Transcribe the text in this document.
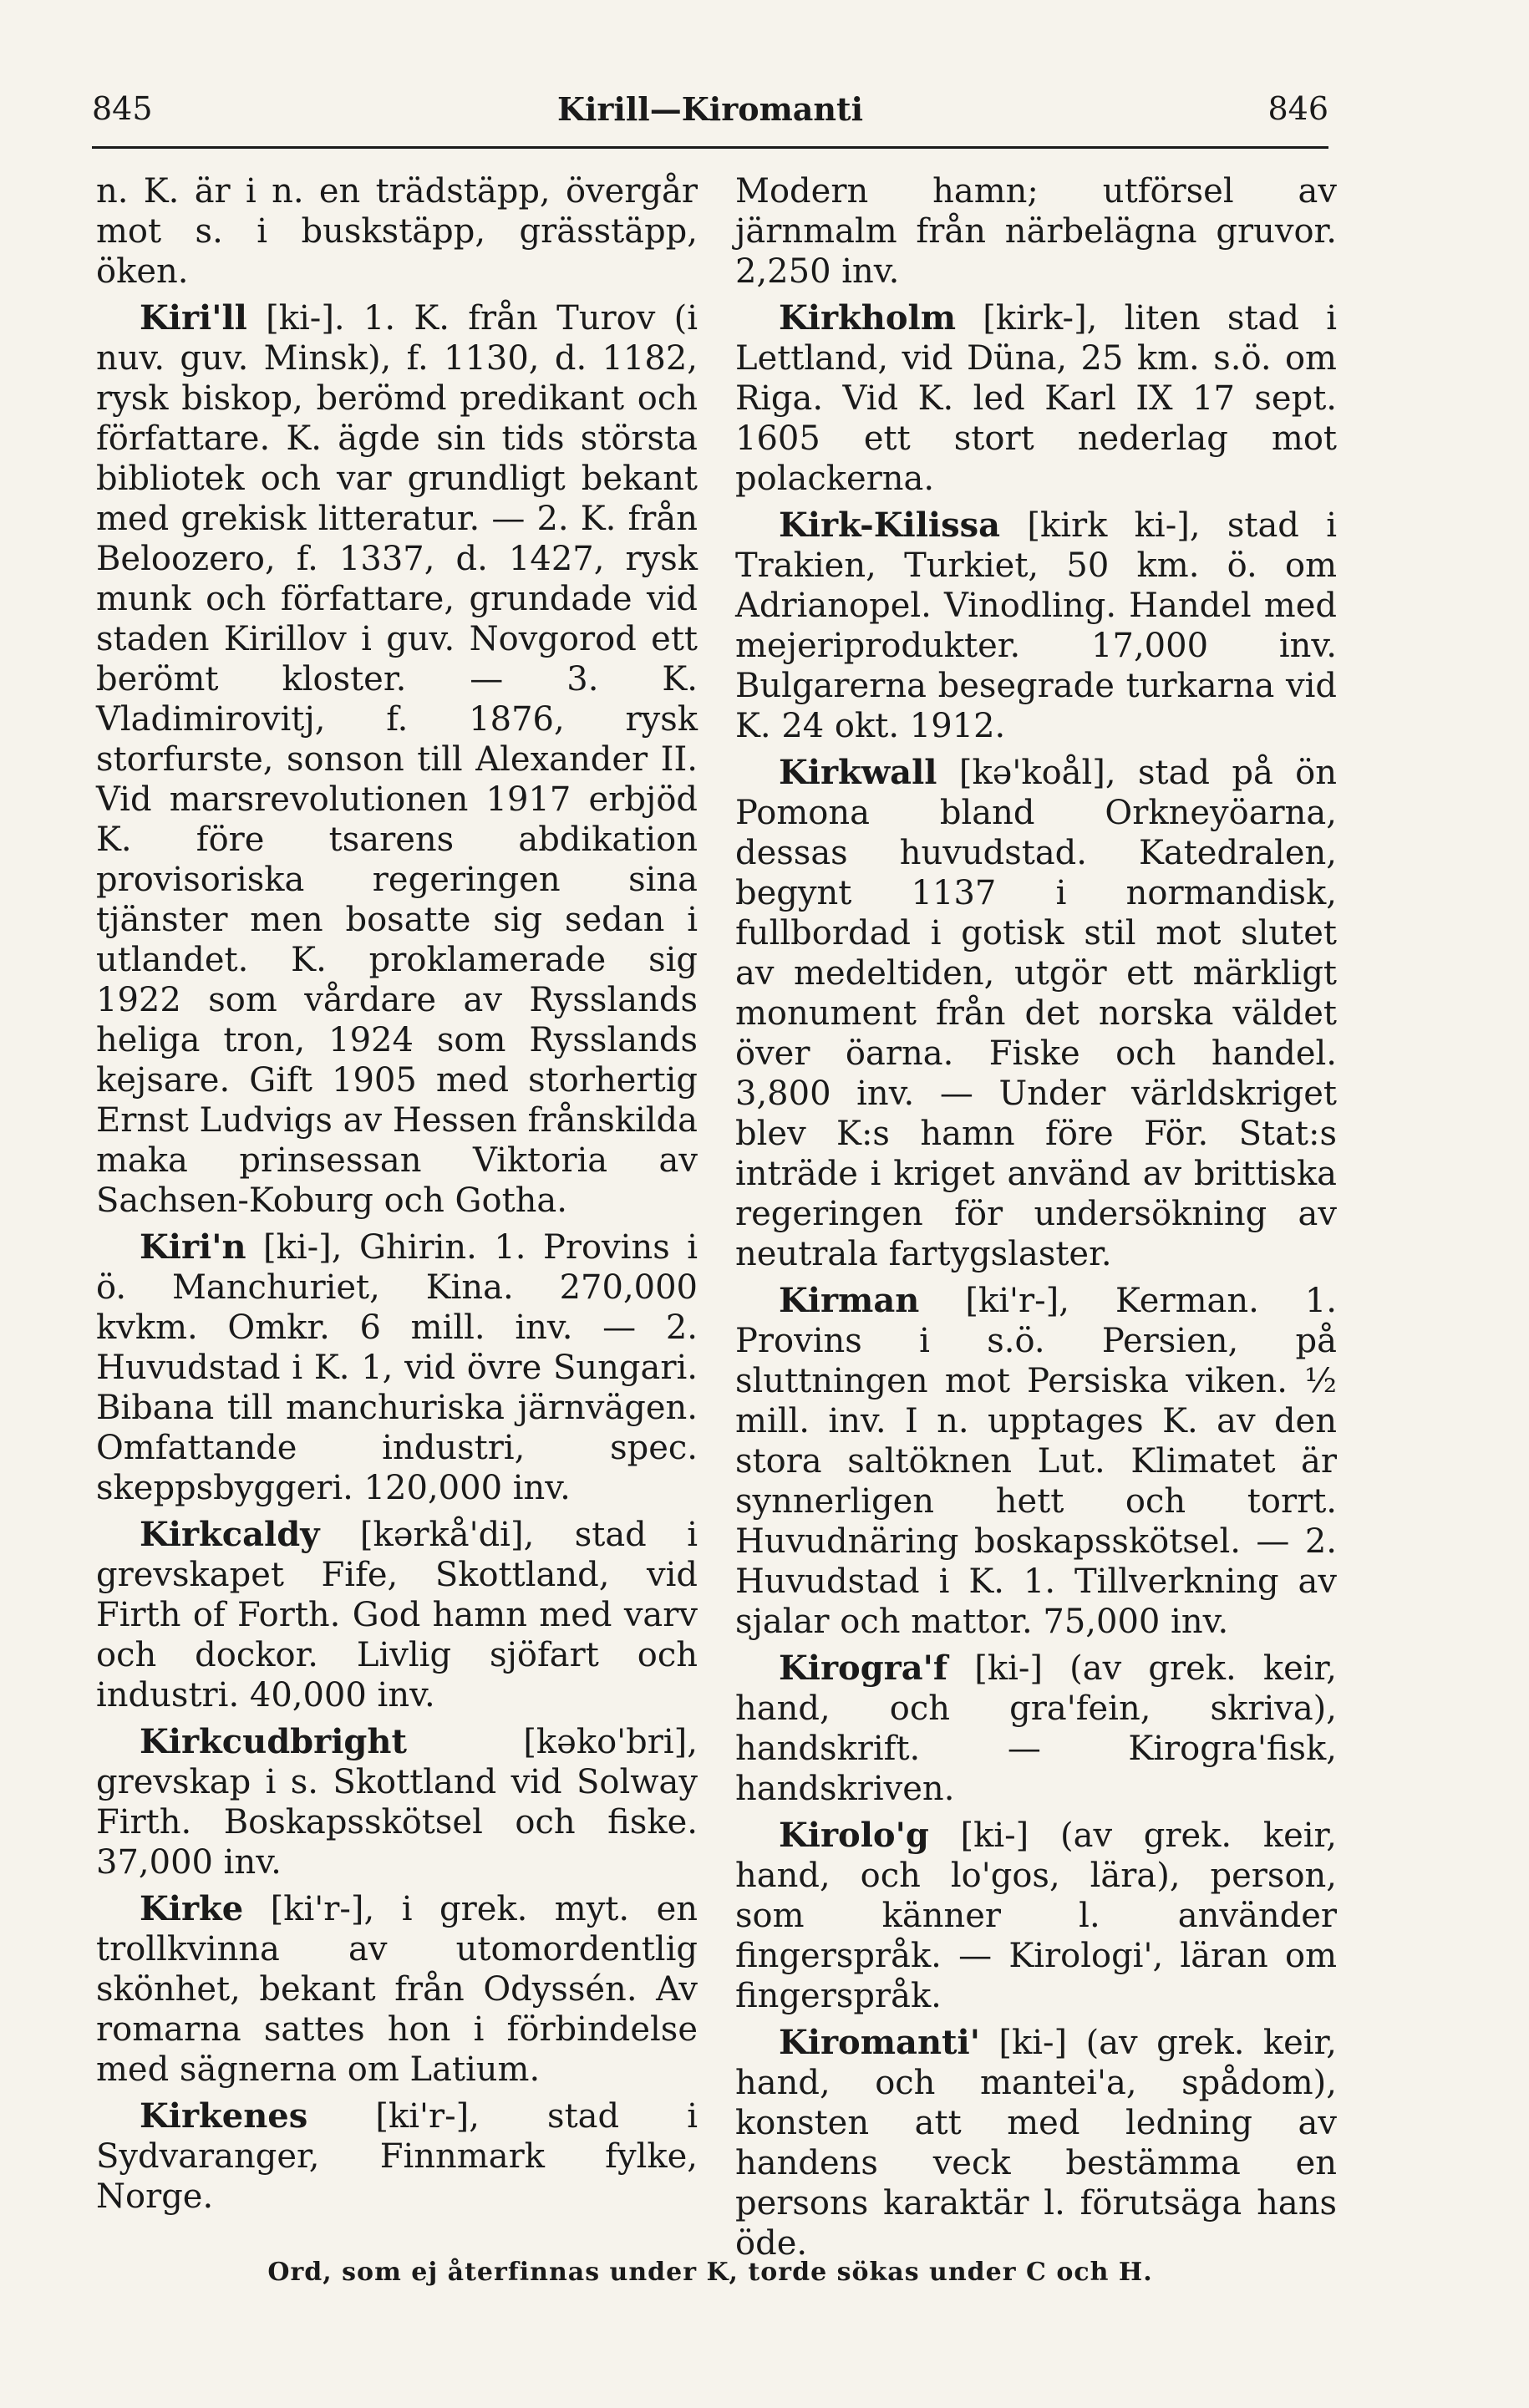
845	Kirill—Kiromanti	846

n. K. är i n. en trädstäpp, övergår mot s. i buskstäpp, grässtäpp, öken.

Kiri'll [ki-]. 1. K. från Turov (i nuv. guv. Minsk), f. 1130, d. 1182, rysk biskop, berömd predikant och författare. K. ägde sin tids största bibliotek och var grundligt bekant med grekisk litteratur. — 2. K. från Beloozero, f. 1337, d. 1427, rysk munk och författare, grundade vid staden Kirillov i guv. Novgorod ett berömt kloster. — 3. K. Vladimirovitj, f. 1876, rysk storfurste, sonson till Alexander II. Vid marsrevolutionen 1917 erbjöd K. före tsarens abdikation provisoriska regeringen sina tjänster men bosatte sig sedan i utlandet. K. proklamerade sig 1922 som vårdare av Rysslands heliga tron, 1924 som Rysslands kejsare. Gift 1905 med storhertig Ernst Ludvigs av Hessen frånskilda maka prinsessan Viktoria av Sachsen-Koburg och Gotha.

Kiri'n [ki-], Ghirin. 1. Provins i ö. Manchuriet, Kina. 270,000 kvkm. Omkr. 6 mill. inv. — 2. Huvudstad i K. 1, vid övre Sungari. Bibana till manchuriska järnvägen. Omfattande industri, spec. skeppsbyggeri. 120,000 inv.

Kirkcaldy [kərkå'di], stad i grevskapet Fife, Skottland, vid Firth of Forth. God hamn med varv och dockor. Livlig sjöfart och industri. 40,000 inv.

Kirkcudbright [kəko'bri], grevskap i s. Skottland vid Solway Firth. Boskapsskötsel och fiske. 37,000 inv.

Kirke [ki'r-], i grek. myt. en trollkvinna av utomordentlig skönhet, bekant från Odyssén. Av romarna sattes hon i förbindelse med sägnerna om Latium.

Kirkenes [ki'r-], stad i Sydvaranger, Finnmark fylke, Norge.

Modern hamn; utförsel av järnmalm från närbelägna gruvor. 2,250 inv.

Kirkholm [kirk-], liten stad i Lettland, vid Düna, 25 km. s.ö. om Riga. Vid K. led Karl IX 17 sept. 1605 ett stort nederlag mot polackerna.

Kirk-Kilissa [kirk ki-], stad i Trakien, Turkiet, 50 km. ö. om Adrianopel. Vinodling. Handel med mejeriprodukter. 17,000 inv. Bulgarerna besegrade turkarna vid K. 24 okt. 1912.

Kirkwall [kə'koål], stad på ön Pomona bland Orkneyöarna, dessas huvudstad. Katedralen, begynt 1137 i normandisk, fullbordad i gotisk stil mot slutet av medeltiden, utgör ett märkligt monument från det norska väldet över öarna. Fiske och handel. 3,800 inv. — Under världskriget blev K:s hamn före För. Stat:s inträde i kriget använd av brittiska regeringen för undersökning av neutrala fartygslaster.

Kirman [ki'r-], Kerman. 1. Provins i s.ö. Persien, på sluttningen mot Persiska viken. ½ mill. inv. I n. upptages K. av den stora saltöknen Lut. Klimatet är synnerligen hett och torrt. Huvudnäring boskapsskötsel. — 2. Huvudstad i K. 1. Tillverkning av sjalar och mattor. 75,000 inv.

Kirogra'f [ki-] (av grek. keir, hand, och gra'fein, skriva), handskrift. — Kirogra'fisk, handskriven.

Kirolo'g [ki-] (av grek. keir, hand, och lo'gos, lära), person, som känner l. använder fingerspråk. — Kirologi', läran om fingerspråk.

Kiromanti' [ki-] (av grek. keir, hand, och mantei'a, spådom), konsten att med ledning av handens veck bestämma en persons karaktär l. förutsäga hans öde.

Ord, som ej återfinnas under K, torde sökas under C och H.
